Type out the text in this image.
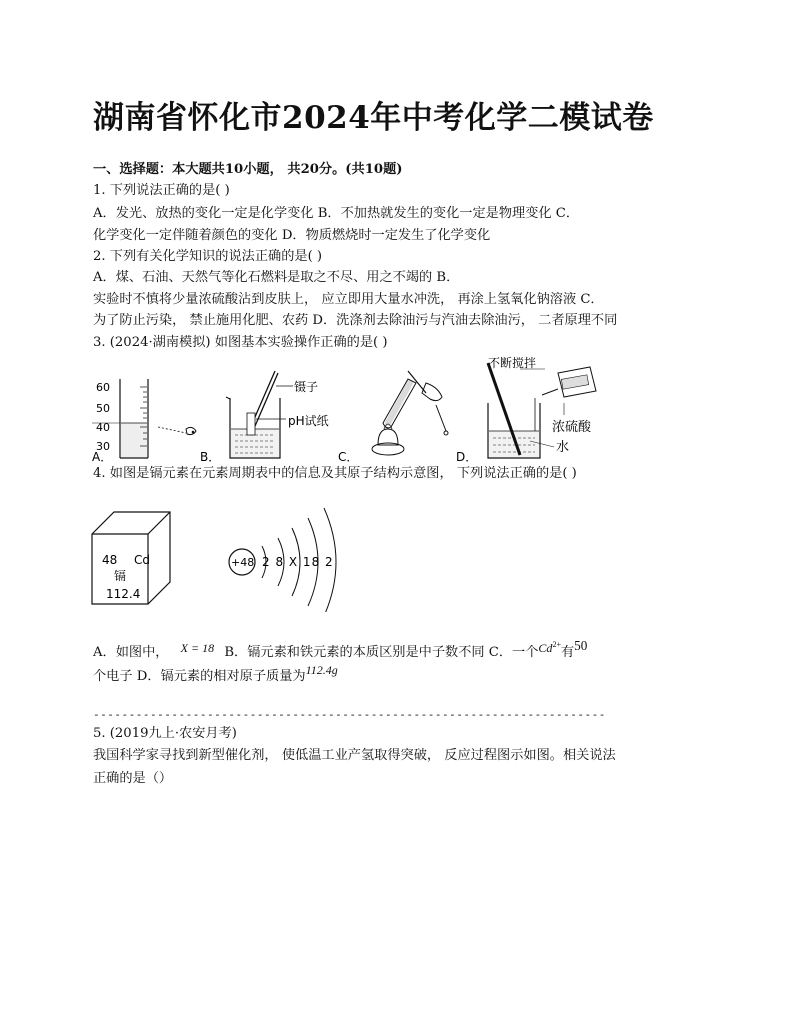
湖南省怀化市2024年中考化学二模试卷
一、选择题：本大题共10小题， 共20分。(共10题)
1. 下列说法正确的是( )
A．发光、放热的变化一定是化学变化 B．不加热就发生的变化一定是物理变化 C．
化学变化一定伴随着颜色的变化 D．物质燃烧时一定发生了化学变化
2. 下列有关化学知识的说法正确的是( )
A．煤、石油、天然气等化石燃料是取之不尽、用之不竭的 B．
实验时不慎将少量浓硫酸沾到皮肤上， 应立即用大量水冲洗， 再涂上氢氧化钠溶液 C．
为了防止污染， 禁止施用化肥、农药 D．洗涤剂去除油污与汽油去除油污， 二者原理不同
3. (2024·湖南模拟) 如图基本实验操作正确的是( )
60
50
40
30
A．
镊子
pH试纸
B．	C．
不断搅拌
浓硫酸
水
D．
4. 如图是镉元素在元素周期表中的信息及其原子结构示意图， 下列说法正确的是( )
48 Cd
镉
112.4
+48 2 8 X 18 2
A．如图中， X = 18 B．镉元素和铁元素的本质区别是中子数不同 C．一个$Cd^{2+}$有50
个电子 D．镉元素的相对原子质量为112.4g
------------------------------------------------------------------------
5. (2019九上·农安月考)
我国科学家寻找到新型催化剂， 使低温工业产氢取得突破， 反应过程图示如图。相关说法
正确的是（）
